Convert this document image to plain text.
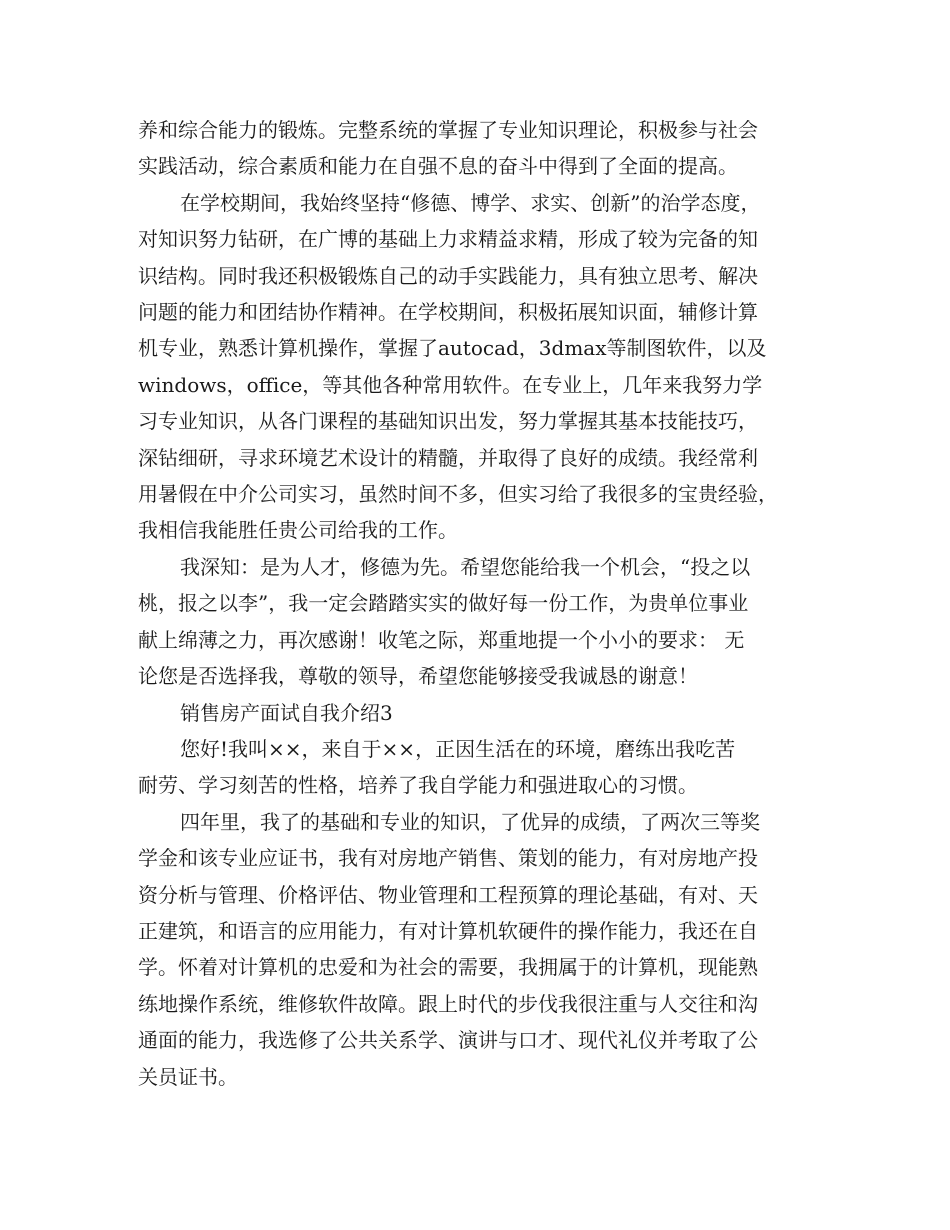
养和综合能力的锻炼。完整系统的掌握了专业知识理论，积极参与社会
实践活动，综合素质和能力在自强不息的奋斗中得到了全面的提高。

在学校期间，我始终坚持“修德、博学、求实、创新”的治学态度，
对知识努力钻研，在广博的基础上力求精益求精，形成了较为完备的知
识结构。同时我还积极锻炼自己的动手实践能力，具有独立思考、解决
问题的能力和团结协作精神。在学校期间，积极拓展知识面，辅修计算
机专业，熟悉计算机操作，掌握了autocad，3dmax等制图软件，以及
windows，office，等其他各种常用软件。在专业上，几年来我努力学
习专业知识，从各门课程的基础知识出发，努力掌握其基本技能技巧，
深钻细研，寻求环境艺术设计的精髓，并取得了良好的成绩。我经常利
用暑假在中介公司实习，虽然时间不多，但实习给了我很多的宝贵经验，
我相信我能胜任贵公司给我的工作。

我深知：是为人才，修德为先。希望您能给我一个机会，“投之以
桃，报之以李”，我一定会踏踏实实的做好每一份工作，为贵单位事业
献上绵薄之力，再次感谢！收笔之际，郑重地提一个小小的要求： 无
论您是否选择我，尊敬的领导，希望您能够接受我诚恳的谢意！

销售房产面试自我介绍3

您好!我叫××，来自于××，正因生活在的环境，磨练出我吃苦
耐劳、学习刻苦的性格，培养了我自学能力和强进取心的习惯。

四年里，我了的基础和专业的知识，了优异的成绩，了两次三等奖
学金和该专业应证书，我有对房地产销售、策划的能力，有对房地产投
资分析与管理、价格评估、物业管理和工程预算的理论基础，有对、天
正建筑，和语言的应用能力，有对计算机软硬件的操作能力，我还在自
学。怀着对计算机的忠爱和为社会的需要，我拥属于的计算机，现能熟
练地操作系统，维修软件故障。跟上时代的步伐我很注重与人交往和沟
通面的能力，我选修了公共关系学、演讲与口才、现代礼仪并考取了公
关员证书。
